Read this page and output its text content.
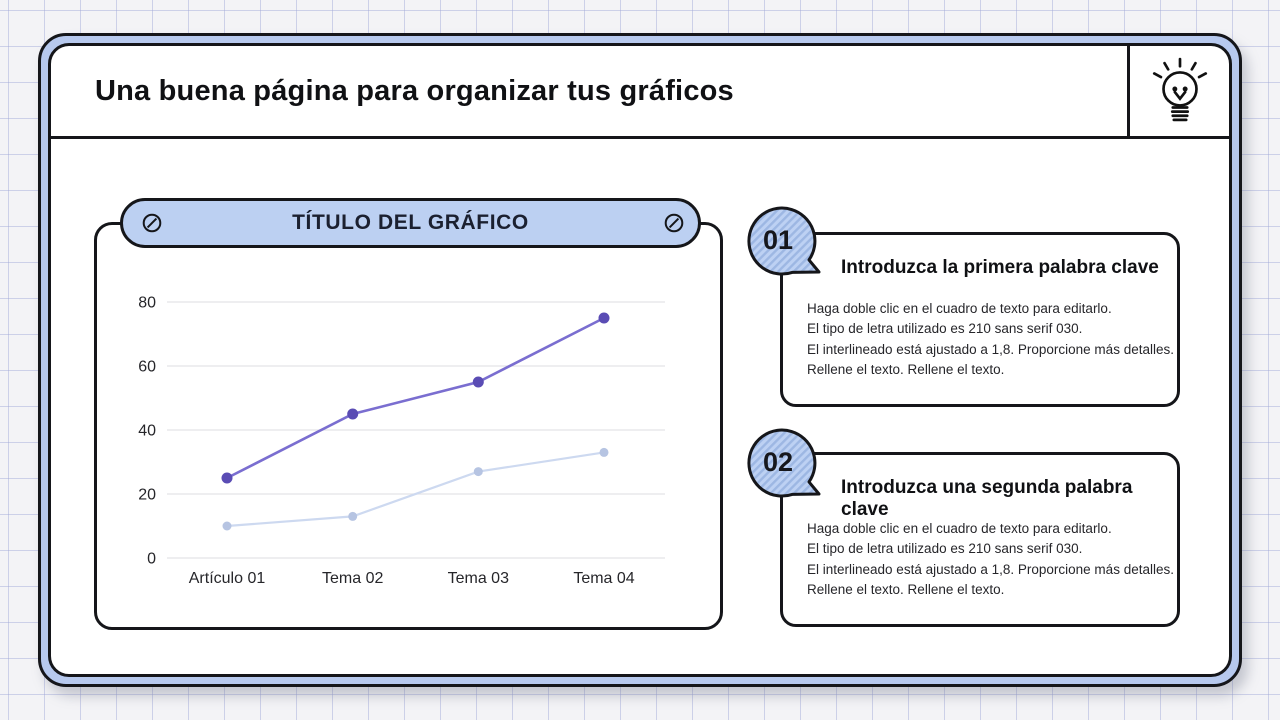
Una buena página para organizar tus gráficos
TÍTULO DEL GRÁFICO
0
20
40
60
80
Artículo 01	Tema 02	Tema 03	Tema 04
Introduzca la primera palabra clave
Haga doble clic en el cuadro de texto para editarlo.
El tipo de letra utilizado es 210 sans serif 030.
El interlineado está ajustado a 1,8. Proporcione más detalles.
Rellene el texto. Rellene el texto.
01
Introduzca una segunda palabra clave
Haga doble clic en el cuadro de texto para editarlo.
El tipo de letra utilizado es 210 sans serif 030.
El interlineado está ajustado a 1,8. Proporcione más detalles.
Rellene el texto. Rellene el texto.
02
